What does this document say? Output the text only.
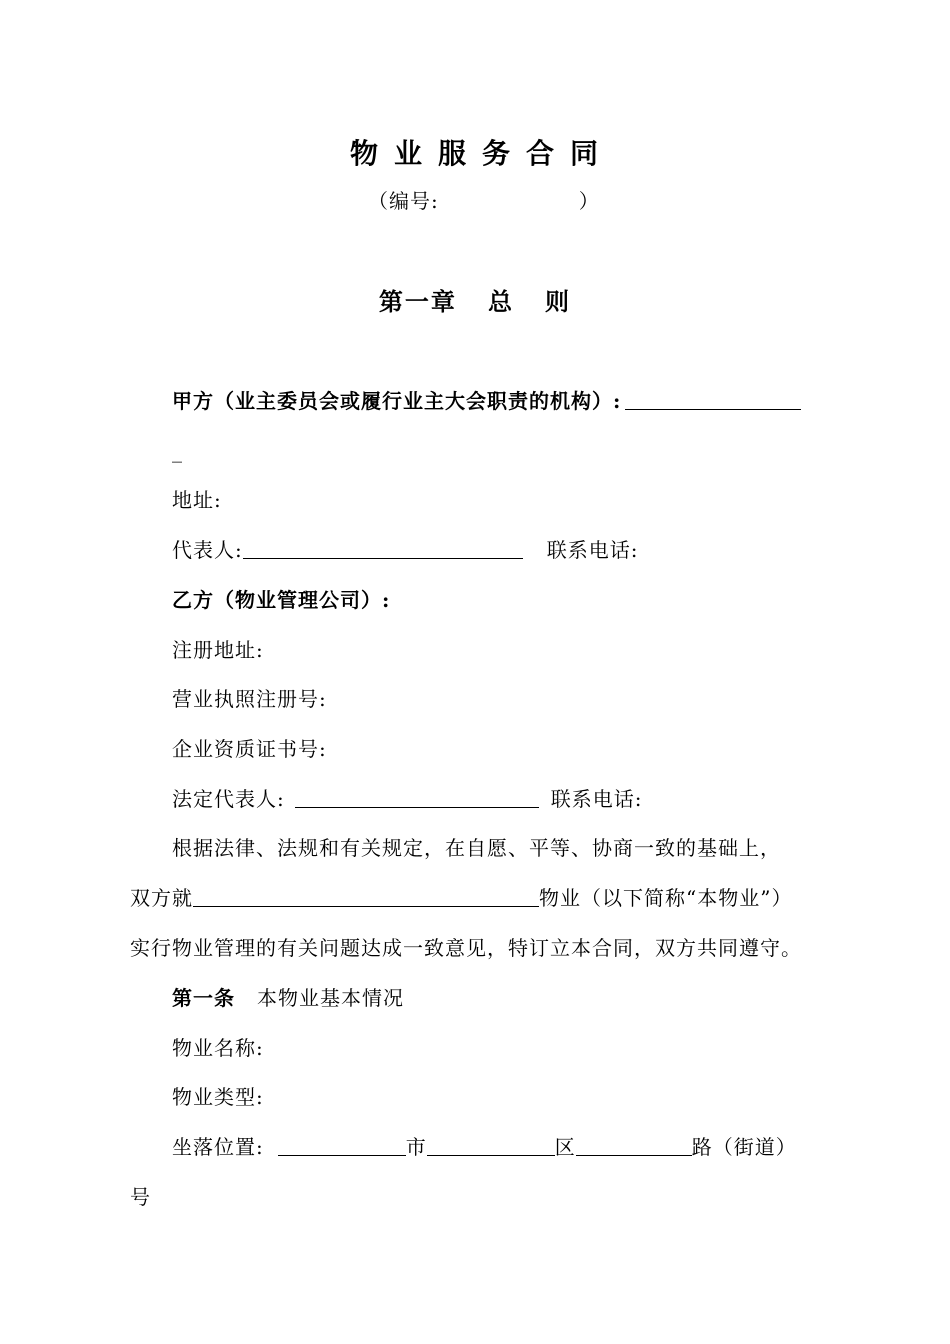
物业服务合同
（编号:	）
第一章   总   则
甲方（业主委员会或履行业主大会职责的机构）:
_
地址:
代表人:	联系电话:
乙方（物业管理公司）:
注册地址:
营业执照注册号:
企业资质证书号:
法定代表人:	联系电话:
根据法律、法规和有关规定，在自愿、平等、协商一致的基础上，
双方就	物业（以下简称“本物业”）
实行物业管理的有关问题达成一致意见，特订立本合同，双方共同遵守。
第一条 本物业基本情况
物业名称:
物业类型:
坐落位置:	市	区	路（街道）
号
